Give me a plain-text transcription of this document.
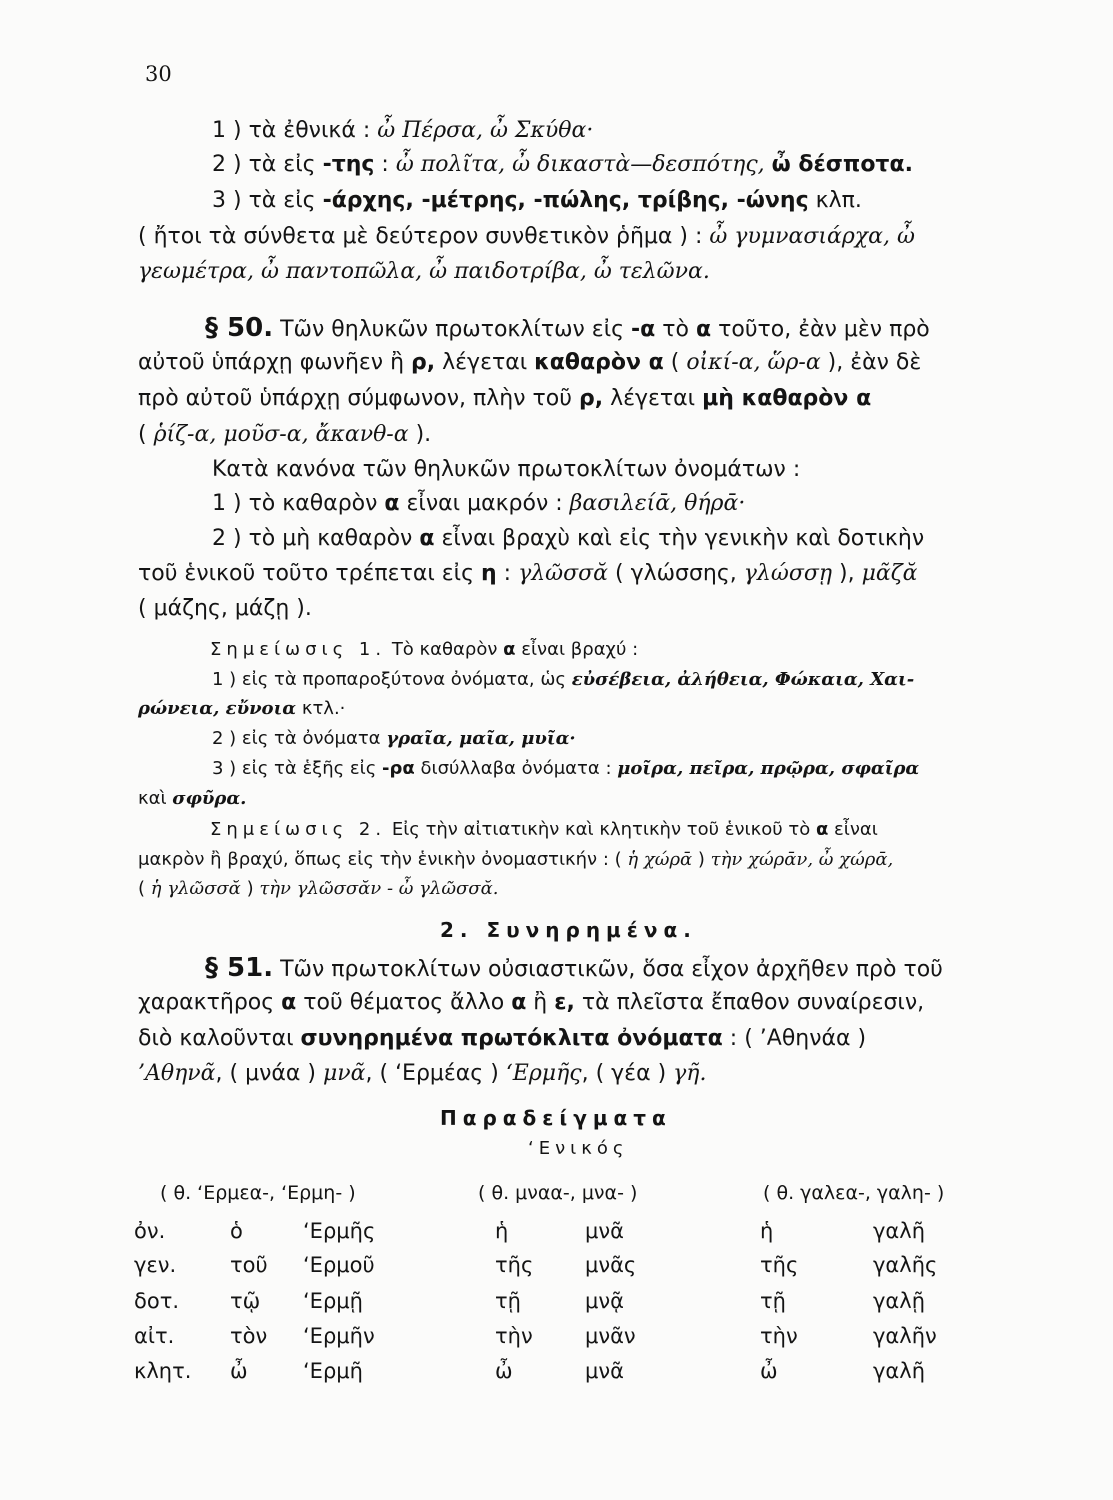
30
1 ) τὰ ἐθνικά : ὦ Πέρσα, ὦ Σκύθα·
2 ) τὰ εἰς -της : ὦ πολῖτα, ὦ δικαστὰ—δεσπότης, ὦ δέσποτα.
3 ) τὰ εἰς -άρχης, -μέτρης, -πώλης, τρίβης, -ώνης κλπ.
( ἤτοι τὰ σύνθετα μὲ δεύτερον συνθετικὸν ῥῆμα ) : ὦ γυμνασιάρχα, ὦ
γεωμέτρα, ὦ παντοπῶλα, ὦ παιδοτρίβα, ὦ τελῶνα.
§ 50. Τῶν θηλυκῶν πρωτοκλίτων εἰς -α τὸ α τοῦτο, ἐὰν μὲν πρὸ
αὐτοῦ ὑπάρχῃ φωνῆεν ἢ ρ, λέγεται καθαρὸν α ( οἰκί-α, ὥρ-α ), ἐὰν δὲ
πρὸ αὐτοῦ ὑπάρχῃ σύμφωνον, πλὴν τοῦ ρ, λέγεται μὴ καθαρὸν α
( ῥίζ-α, μοῦσ-α, ἄκανθ-α ).
Κατὰ κανόνα τῶν θηλυκῶν πρωτοκλίτων ὀνομάτων :
1 ) τὸ καθαρὸν α εἶναι μακρόν : βασιλείᾱ, θήρᾱ·
2 ) τὸ μὴ καθαρὸν α εἶναι βραχὺ καὶ εἰς τὴν γενικὴν καὶ δοτικὴν
τοῦ ἑνικοῦ τοῦτο τρέπεται εἰς η : γλῶσσᾰ ( γλώσσης, γλώσσῃ ), μᾶζᾰ
( μάζης, μάζῃ ).
Σημείωσις 1. Τὸ καθαρὸν α εἶναι βραχύ :
1 ) εἰς τὰ προπαροξύτονα ὀνόματα, ὡς εὐσέβεια, ἀλήθεια, Φώκαια, Χαι-
ρώνεια, εὔνοια κτλ.·
2 ) εἰς τὰ ὀνόματα γραῖα, μαῖα, μυῖα·
3 ) εἰς τὰ ἑξῆς εἰς -ρα δισύλλαβα ὀνόματα : μοῖρα, πεῖρα, πρῷρα, σφαῖρα
καὶ σφῦρα.
Σημείωσις 2. Εἰς τὴν αἰτιατικὴν καὶ κλητικὴν τοῦ ἑνικοῦ τὸ α εἶναι
μακρὸν ἢ βραχύ, ὅπως εἰς τὴν ἑνικὴν ὀνομαστικήν : ( ἡ χώρᾱ ) τὴν χώρᾱν, ὦ χώρᾱ,
( ἡ γλῶσσᾰ ) τὴν γλῶσσᾰν - ὦ γλῶσσᾰ.
2. Συνηρημένα.
§ 51. Τῶν πρωτοκλίτων οὐσιαστικῶν, ὅσα εἶχον ἀρχῆθεν πρὸ τοῦ
χαρακτῆρος α τοῦ θέματος ἄλλο α ἢ ε, τὰ πλεῖστα ἔπαθον συναίρεσιν,
διὸ καλοῦνται συνηρημένα πρωτόκλιτα ὀνόματα : ( ’Αθηνάα )
’Αθηνᾶ, ( μνάα ) μνᾶ, ( ‘Ερμέας ) ‘Ερμῆς, ( γέα ) γῆ.
Παραδείγματα
‘Ενικός
( θ. ‘Ερμεα-, ‘Ερμη- )	( θ. μναα-, μνα- )	( θ. γαλεα-, γαλη- )
ὀν.
γεν.
δοτ.
αἰτ.
κλητ.
ὁ
τοῦ
τῷ
τὸν
ὦ
‘Ερμῆς
‘Ερμοῦ
‘Ερμῇ
‘Ερμῆν
‘Ερμῆ
ἡ
τῆς
τῇ
τὴν
ὦ
μνᾶ
μνᾶς
μνᾷ
μνᾶν
μνᾶ
ἡ
τῆς
τῇ
τὴν
ὦ
γαλῆ
γαλῆς
γαλῇ
γαλῆν
γαλῆ
